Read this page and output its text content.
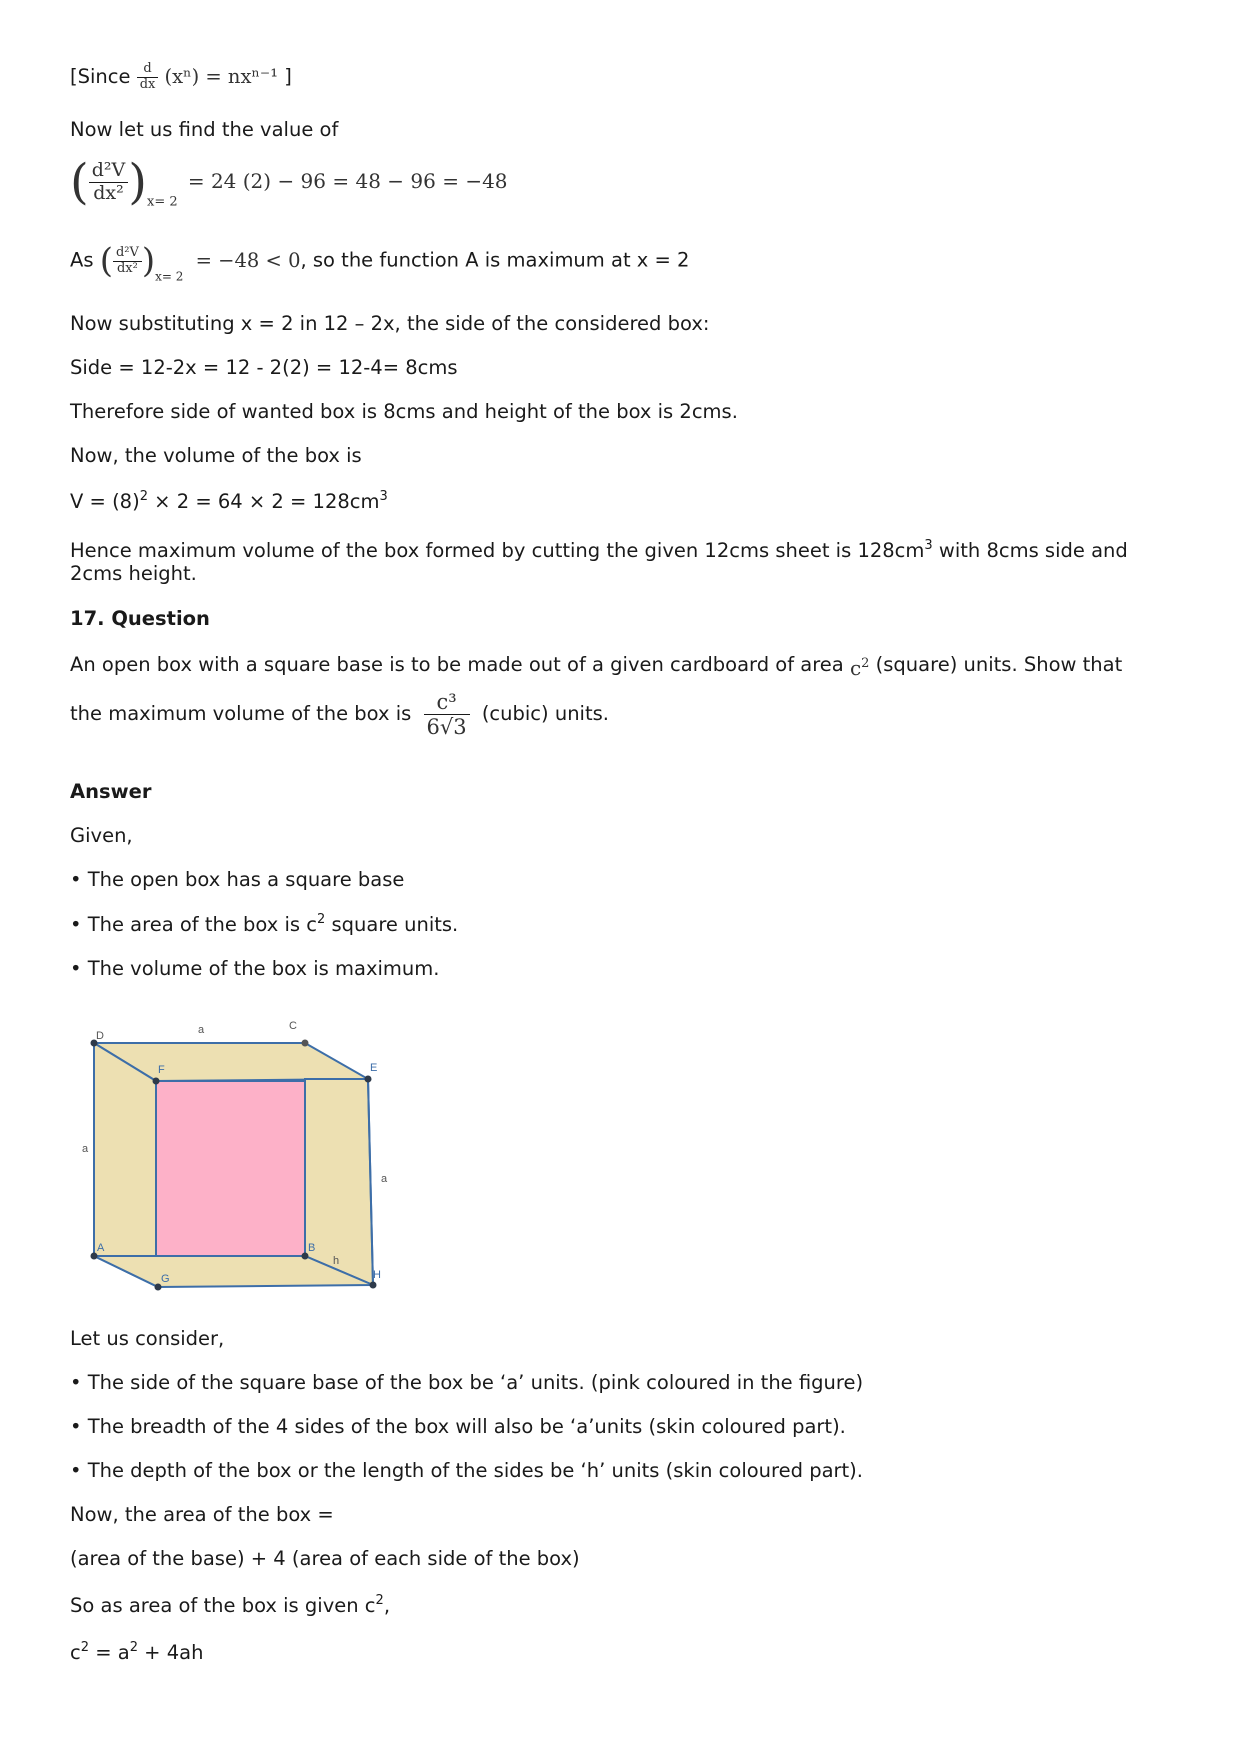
[Since $\frac{d}{dx} (x^n) = nx^{n-1}$ ]
Now let us find the value of
( $\frac{\text{d²V}}{\text{dx²}} )_{x= 2} = 24$ (2) − 96 = 48 − 96 = −48
As ( $\frac{\text{d²V}}{\text{dx²}} )_{x= 2} = -48 < 0$, so the function A is maximum at x = 2
Now substituting x = 2 in 12 – 2x, the side of the considered box:
Side = 12-2x = 12 - 2(2) = 12-4= 8cms
Therefore side of wanted box is 8cms and height of the box is 2cms.
Now, the volume of the box is
$V = (8)^2 \times 2 = 64 \times 2 = 128cm^3$
Hence maximum volume of the box formed by cutting the given 12cms sheet is $128cm^3$ with 8cms side and
2cms height.
17. Question
An open box with a square base is to be made out of a given cardboard of area $c^2$ (square) units. Show that
the maximum volume of the box is $\frac{\text{c³}}{6√3}$ (cubic) units.
Answer
Given,
• The open box has a square base
• The area of the box is $c^2$ square units.
• The volume of the box is maximum.
D
C
a
F	E
a
a
A	B
h
G	H
Let us consider,
• The side of the square base of the box be ‘a’ units. (pink coloured in the figure)
• The breadth of the 4 sides of the box will also be ‘a’units (skin coloured part).
• The depth of the box or the length of the sides be ‘h’ units (skin coloured part).
Now, the area of the box =
(area of the base) + 4 (area of each side of the box)
So as area of the box is given $c^2$,
$c^2 = a^2 + 4ah$
